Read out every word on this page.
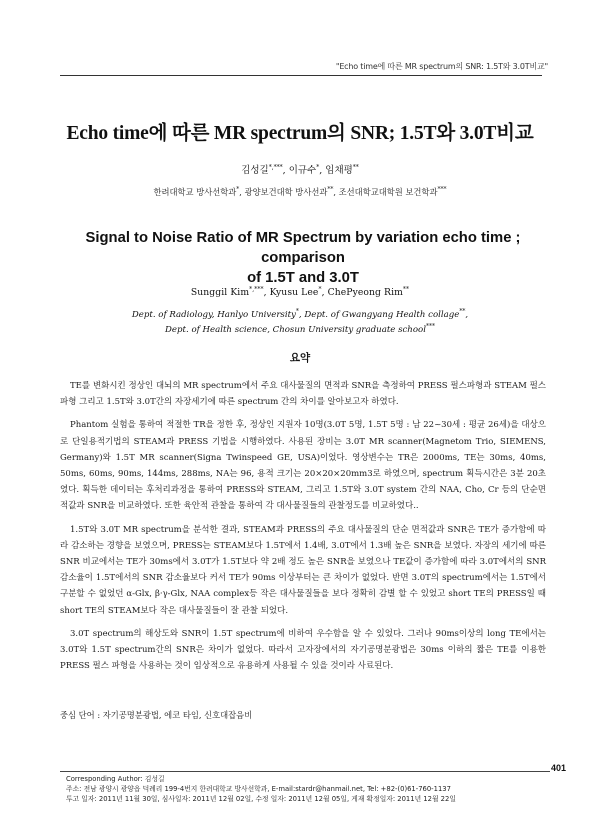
"Echo time에 따른 MR spectrum의 SNR: 1.5T와 3.0T비교"
Echo time에 따른 MR spectrum의 SNR; 1.5T와 3.0T비교
김성길*,***, 이규수*, 임채평**
한려대학교 방사선학과*, 광양보건대학 방사선과**, 조선대학교대학원 보건학과***
Signal to Noise Ratio of MR Spectrum by variation echo time ; comparison
of 1.5T and 3.0T
Sunggil Kim*,***, Kyusu Lee*, ChePyeong Rim**
Dept. of Radiology, Hanlyo University*, Dept. of Gwangyang Health collage**,
Dept. of Health science, Chosun University graduate school***
요약

TE를 변화시킨 정상인 대뇌의 MR spectrum에서 주요 대사물질의 면적과 SNR을 측정하여 PRESS 펄스파형과 STEAM 펄스파형 그리고 1.5T와 3.0T간의 자장세기에 따른 spectrum 간의 차이를 알아보고자 하였다.

Phantom 실험을 통하여 적절한 TR을 정한 후, 정상인 지원자 10명(3.0T 5명, 1.5T 5명 : 남 22~30세 : 평균 26세)을 대상으로 단일용적기법의 STEAM과 PRESS 기법을 시행하였다. 사용된 장비는 3.0T MR scanner(Magnetom Trio, SIEMENS, Germany)와 1.5T MR scanner(Signa Twinspeed GE, USA)이었다. 영상변수는 TR은 2000ms, TE는 30ms, 40ms, 50ms, 60ms, 90ms, 144ms, 288ms, NA는 96, 용적 크기는 20×20×20mm3로 하였으며, spectrum 획득시간은 3분 20초였다. 획득한 데이터는 후처리과정을 통하여 PRESS와 STEAM, 그리고 1.5T와 3.0T system 간의 NAA, Cho, Cr 등의 단순면적값과 SNR을 비교하였다. 또한 육안적 관찰을 통하여 각 대사물질들의 관찰정도를 비교하였다..

1.5T와 3.0T MR spectrum을 분석한 결과, STEAM과 PRESS의 주요 대사물질의 단순 면적값과 SNR은 TE가 증가함에 따라 감소하는 경향을 보였으며, PRESS는 STEAM보다 1.5T에서 1.4배, 3.0T에서 1.3배 높은 SNR을 보였다. 자장의 세기에 따른 SNR 비교에서는 TE가 30ms에서 3.0T가 1.5T보다 약 2배 정도 높은 SNR을 보였으나 TE값이 증가함에 따라 3.0T에서의 SNR 감소율이 1.5T에서의 SNR 감소율보다 커서 TE가 90ms 이상부터는 큰 차이가 없었다. 반면 3.0T의 spectrum에서는 1.5T에서 구분할 수 없었던 α-Glx, β·γ-Glx, NAA complex등 작은 대사물질들을 보다 정확히 감별 할 수 있었고 short TE의 PRESS일 때 short TE의 STEAM보다 작은 대사물질들이 잘 관찰 되었다.

3.0T spectrum의 해상도와 SNR이 1.5T spectrum에 비하여 우수함을 알 수 있었다. 그러나 90ms이상의 long TE에서는 3.0T와 1.5T spectrum간의 SNR은 차이가 없었다. 따라서 고자장에서의 자기공명분광법은 30ms 이하의 짧은 TE를 이용한 PRESS 펄스 파형을 사용하는 것이 임상적으로 유용하게 사용될 수 있을 것이라 사료된다.

중심 단어 : 자기공명분광법, 에코 타임, 신호대잡음비
401
Corresponding Author: 김성길
주소: 전남 광양시 광양읍 덕례리 199-4번지 한려대학교 방사선학과, E-mail:stardr@hanmail.net, Tel: +82-(0)61-760-1137
투고 일자: 2011년 11월 30일, 심사일자: 2011년 12월 02일, 수정 일자: 2011년 12월 05일, 게재 확정일자: 2011년 12월 22일
